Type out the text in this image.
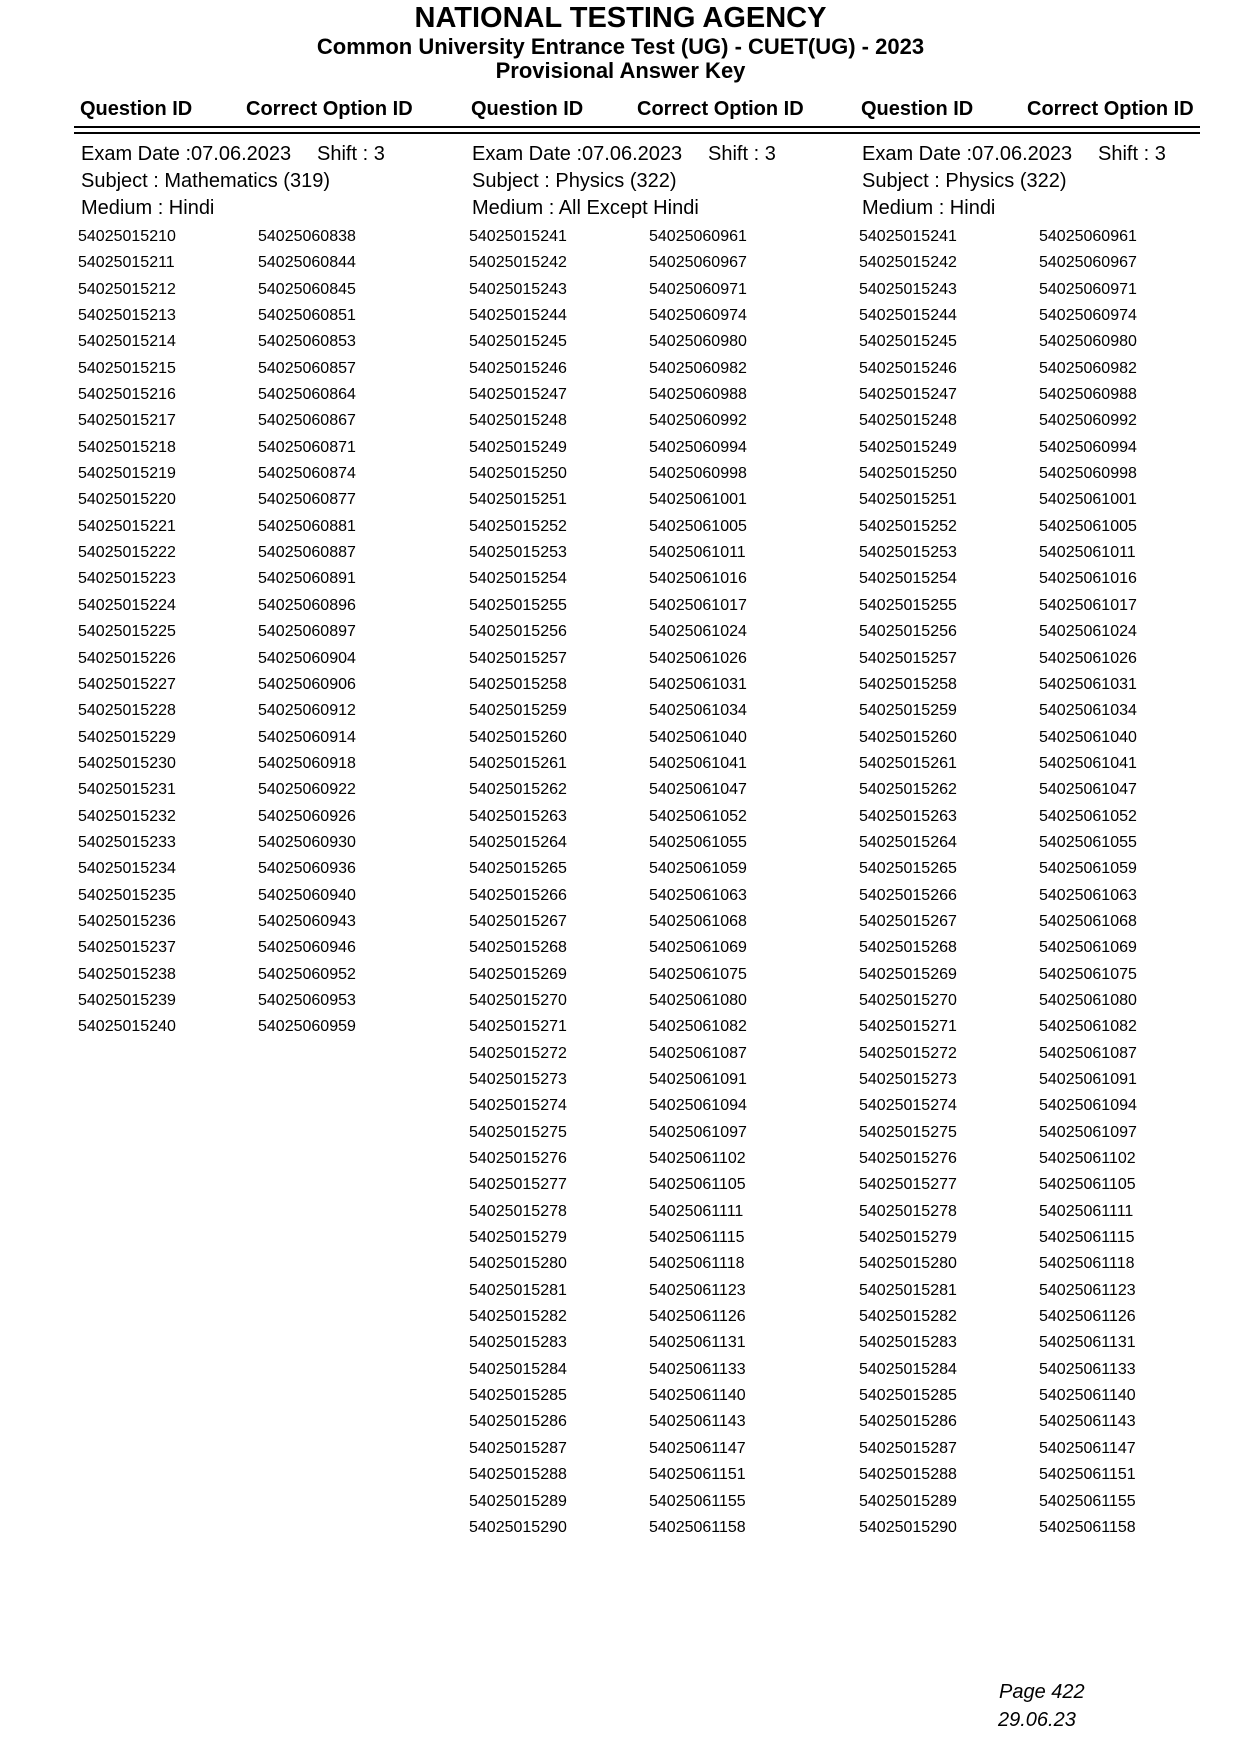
NATIONAL TESTING AGENCY
Common University Entrance Test (UG) - CUET(UG) - 2023
Provisional Answer Key
Question ID	Correct Option ID	Question ID	Correct Option ID	Question ID	Correct Option ID
Exam Date :07.06.2023 Shift : 3
Subject : Mathematics (319)
Medium : Hindi
Exam Date :07.06.2023 Shift : 3
Subject : Physics (322)
Medium : All Except Hindi
Exam Date :07.06.2023 Shift : 3
Subject : Physics (322)
Medium : Hindi
54025015210	54025060838
54025015211	54025060844
54025015212	54025060845
54025015213	54025060851
54025015214	54025060853
54025015215	54025060857
54025015216	54025060864
54025015217	54025060867
54025015218	54025060871
54025015219	54025060874
54025015220	54025060877
54025015221	54025060881
54025015222	54025060887
54025015223	54025060891
54025015224	54025060896
54025015225	54025060897
54025015226	54025060904
54025015227	54025060906
54025015228	54025060912
54025015229	54025060914
54025015230	54025060918
54025015231	54025060922
54025015232	54025060926
54025015233	54025060930
54025015234	54025060936
54025015235	54025060940
54025015236	54025060943
54025015237	54025060946
54025015238	54025060952
54025015239	54025060953
54025015240	54025060959
54025015241	54025060961
54025015242	54025060967
54025015243	54025060971
54025015244	54025060974
54025015245	54025060980
54025015246	54025060982
54025015247	54025060988
54025015248	54025060992
54025015249	54025060994
54025015250	54025060998
54025015251	54025061001
54025015252	54025061005
54025015253	54025061011
54025015254	54025061016
54025015255	54025061017
54025015256	54025061024
54025015257	54025061026
54025015258	54025061031
54025015259	54025061034
54025015260	54025061040
54025015261	54025061041
54025015262	54025061047
54025015263	54025061052
54025015264	54025061055
54025015265	54025061059
54025015266	54025061063
54025015267	54025061068
54025015268	54025061069
54025015269	54025061075
54025015270	54025061080
54025015271	54025061082
54025015272	54025061087
54025015273	54025061091
54025015274	54025061094
54025015275	54025061097
54025015276	54025061102
54025015277	54025061105
54025015278	54025061111
54025015279	54025061115
54025015280	54025061118
54025015281	54025061123
54025015282	54025061126
54025015283	54025061131
54025015284	54025061133
54025015285	54025061140
54025015286	54025061143
54025015287	54025061147
54025015288	54025061151
54025015289	54025061155
54025015290	54025061158
54025015241	54025060961
54025015242	54025060967
54025015243	54025060971
54025015244	54025060974
54025015245	54025060980
54025015246	54025060982
54025015247	54025060988
54025015248	54025060992
54025015249	54025060994
54025015250	54025060998
54025015251	54025061001
54025015252	54025061005
54025015253	54025061011
54025015254	54025061016
54025015255	54025061017
54025015256	54025061024
54025015257	54025061026
54025015258	54025061031
54025015259	54025061034
54025015260	54025061040
54025015261	54025061041
54025015262	54025061047
54025015263	54025061052
54025015264	54025061055
54025015265	54025061059
54025015266	54025061063
54025015267	54025061068
54025015268	54025061069
54025015269	54025061075
54025015270	54025061080
54025015271	54025061082
54025015272	54025061087
54025015273	54025061091
54025015274	54025061094
54025015275	54025061097
54025015276	54025061102
54025015277	54025061105
54025015278	54025061111
54025015279	54025061115
54025015280	54025061118
54025015281	54025061123
54025015282	54025061126
54025015283	54025061131
54025015284	54025061133
54025015285	54025061140
54025015286	54025061143
54025015287	54025061147
54025015288	54025061151
54025015289	54025061155
54025015290	54025061158
Page 422
29.06.23
